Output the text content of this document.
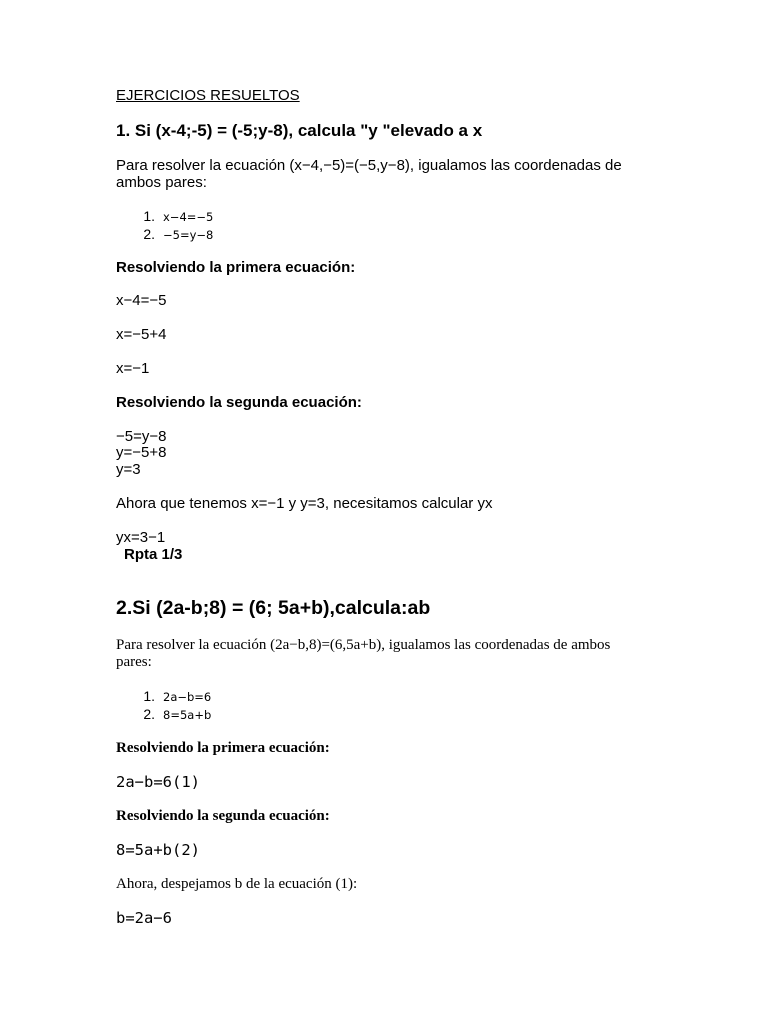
EJERCICIOS RESUELTOS
1. Si (x-4;-5) = (-5;y-8), calcula "y "elevado a x
Para resolver la ecuación (x−4,−5)=(−5,y−8), igualamos las coordenadas de
ambos pares:
1. x−4=−5
2. −5=y−8
Resolviendo la primera ecuación:
x−4=−5
x=−5+4
x=−1
Resolviendo la segunda ecuación:
−5=y−8
y=−5+8
y=3
Ahora que tenemos x=−1 y y=3, necesitamos calcular yx
yx=3−1
Rpta 1/3
2.Si (2a-b;8) = (6; 5a+b),calcula:ab
Para resolver la ecuación (2a−b,8)=(6,5a+b), igualamos las coordenadas de ambos
pares:
1. 2a−b=6
2. 8=5a+b
Resolviendo la primera ecuación:
2a−b=6(1)
Resolviendo la segunda ecuación:
8=5a+b(2)
Ahora, despejamos b de la ecuación (1):
b=2a−6
